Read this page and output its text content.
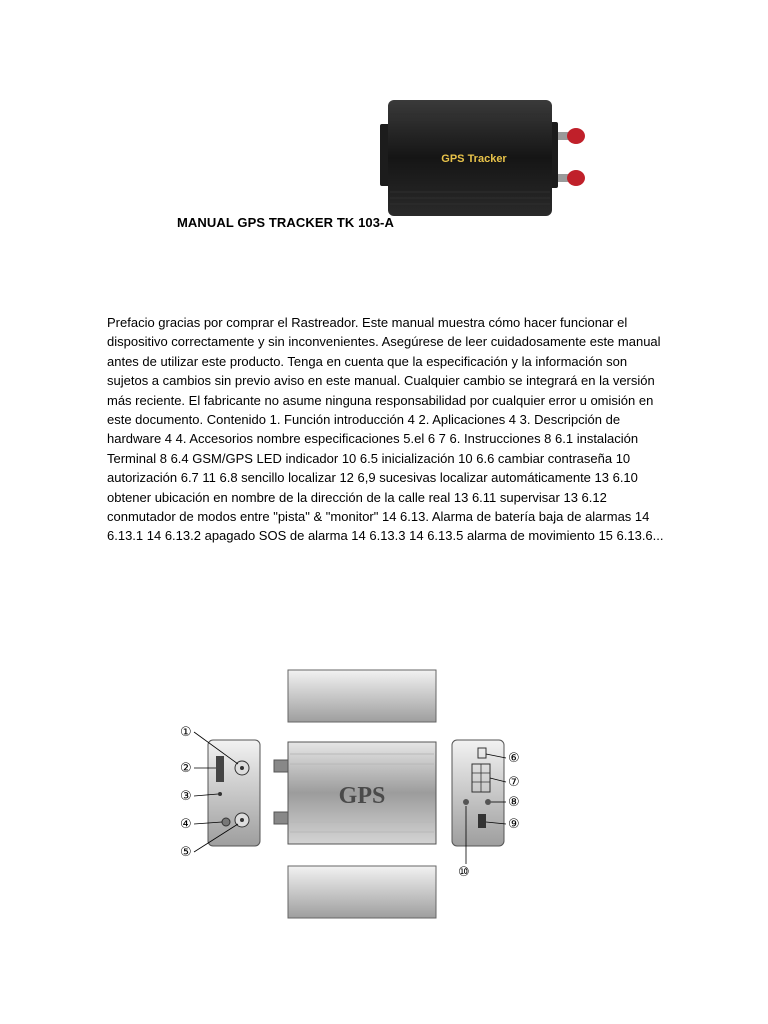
GPS Tracker
MANUAL GPS TRACKER TK 103-A
Prefacio gracias por comprar el Rastreador. Este manual muestra cómo hacer funcionar el dispositivo correctamente y sin inconvenientes. Asegúrese de leer cuidadosamente este manual antes de utilizar este producto. Tenga en cuenta que la especificación y la información son sujetos a cambios sin previo aviso en este manual. Cualquier cambio se integrará en la versión más reciente. El fabricante no asume ninguna responsabilidad por cualquier error u omisión en este documento. Contenido 1. Función introducción 4 2. Aplicaciones 4 3. Descripción de hardware 4 4. Accesorios nombre especificaciones 5.el 6 7 6. Instrucciones 8 6.1 instalación Terminal 8 6.4 GSM/GPS LED indicador 10 6.5 inicialización 10 6.6 cambiar contraseña 10 autorización 6.7 11 6.8 sencillo localizar 12 6,9 sucesivas localizar automáticamente 13 6.10 obtener ubicación en nombre de la dirección de la calle real 13 6.11 supervisar 13 6.12 conmutador de modos entre "pista" & "monitor" 14 6.13. Alarma de batería baja de alarmas 14 6.13.1 14 6.13.2 apagado SOS de alarma 14 6.13.3 14 6.13.5 alarma de movimiento 15 6.13.6...
GPS
①
②
③
④
⑤
⑥
⑦
⑧
⑨
⑩
